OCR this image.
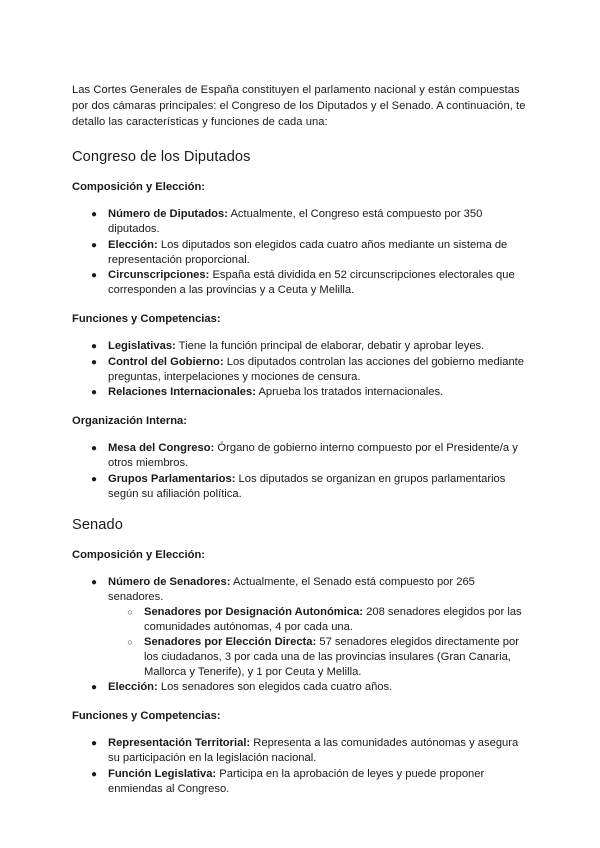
Las Cortes Generales de España constituyen el parlamento nacional y están compuestas por dos cámaras principales: el Congreso de los Diputados y el Senado. A continuación, te detallo las características y funciones de cada una:

Congreso de los Diputados
Composición y Elección:
● Número de Diputados: Actualmente, el Congreso está compuesto por 350 diputados.
● Elección: Los diputados son elegidos cada cuatro años mediante un sistema de representación proporcional.
● Circunscripciones: España está dividida en 52 circunscripciones electorales que corresponden a las provincias y a Ceuta y Melilla.
Funciones y Competencias:
● Legislativas: Tiene la función principal de elaborar, debatir y aprobar leyes.
● Control del Gobierno: Los diputados controlan las acciones del gobierno mediante preguntas, interpelaciones y mociones de censura.
● Relaciones Internacionales: Aprueba los tratados internacionales.
Organización Interna:
● Mesa del Congreso: Órgano de gobierno interno compuesto por el Presidente/a y otros miembros.
● Grupos Parlamentarios: Los diputados se organizan en grupos parlamentarios según su afiliación política.
Senado
Composición y Elección:
● Número de Senadores: Actualmente, el Senado está compuesto por 265 senadores.
○ Senadores por Designación Autonómica: 208 senadores elegidos por las comunidades autónomas, 4 por cada una.
○ Senadores por Elección Directa: 57 senadores elegidos directamente por los ciudadanos, 3 por cada una de las provincias insulares (Gran Canaria, Mallorca y Tenerife), y 1 por Ceuta y Melilla.
● Elección: Los senadores son elegidos cada cuatro años.
Funciones y Competencias:
● Representación Territorial: Representa a las comunidades autónomas y asegura su participación en la legislación nacional.
● Función Legislativa: Participa en la aprobación de leyes y puede proponer enmiendas al Congreso.
